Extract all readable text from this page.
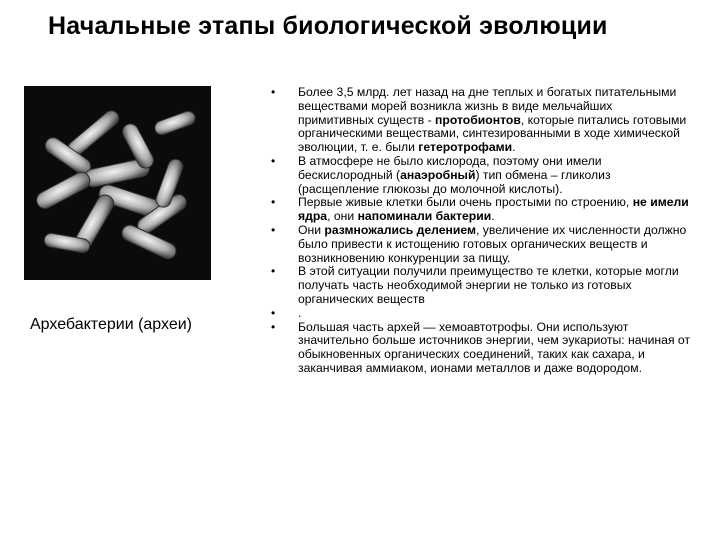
Начальные этапы биологической эволюции
Архебактерии (археи)
• Более 3,5 млрд. лет назад на дне теплых и богатых питательными веществами морей возникла жизнь в виде мельчайших примитивных существ - протобионтов, которые питались готовыми органическими веществами, синтезированными в ходе химической эволюции, т. е. были гетеротрофами.
• В атмосфере не было кислорода, поэтому они имели бескислородный (анаэробный) тип обмена – гликолиз (расщепление глюкозы до молочной кислоты).
• Первые живые клетки были очень простыми по строению, не имели ядра, они напоминали бактерии.
• Они размножались делением, увеличение их численности должно было привести к истощению готовых органических веществ и возникновению конкуренции за пищу.
• В этой ситуации получили преимущество те клетки, которые могли получать часть необходимой энергии не только из готовых органических веществ
• .
• Большая часть архей — хемоавтотрофы. Они используют значительно больше источников энергии, чем эукариоты: начиная от обыкновенных органических соединений, таких как сахара, и заканчивая аммиаком, ионами металлов и даже водородом.
